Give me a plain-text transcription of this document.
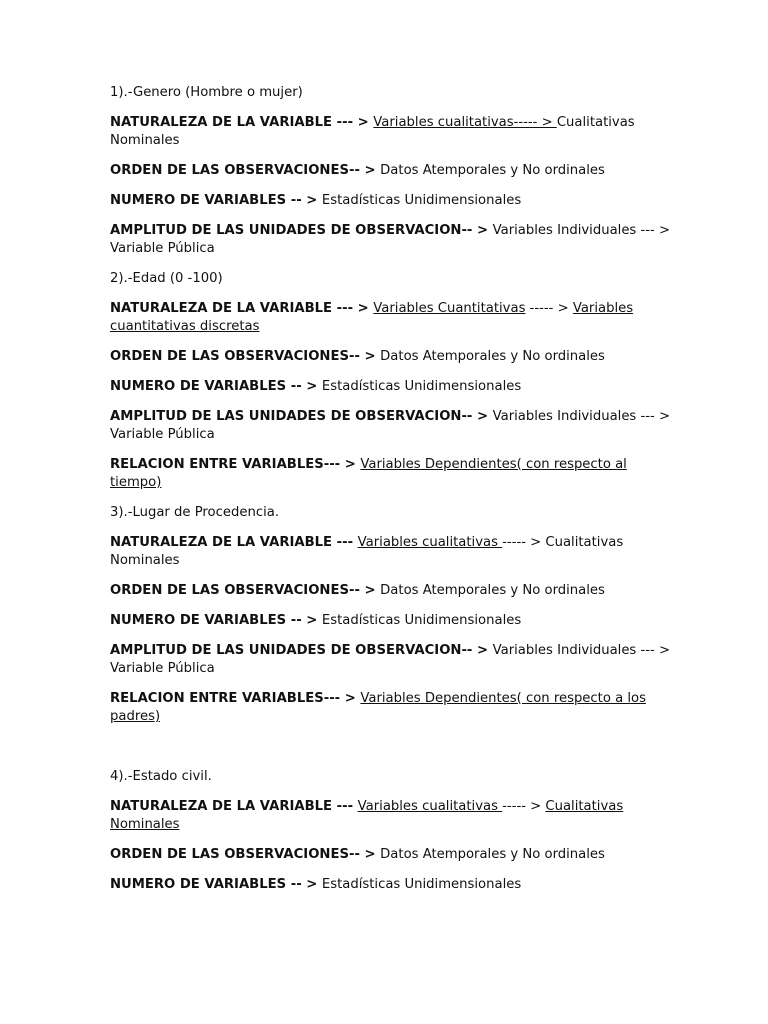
1).-Genero (Hombre o mujer)

NATURALEZA DE LA VARIABLE --- > Variables cualitativas----- > Cualitativas Nominales

ORDEN DE LAS OBSERVACIONES-- > Datos Atemporales y No ordinales

NUMERO DE VARIABLES -- > Estadísticas Unidimensionales

AMPLITUD DE LAS UNIDADES DE OBSERVACION-- > Variables Individuales --- > Variable Pública

2).-Edad (0 -100)

NATURALEZA DE LA VARIABLE --- > Variables Cuantitativas ----- > Variables cuantitativas discretas

ORDEN DE LAS OBSERVACIONES-- > Datos Atemporales y No ordinales

NUMERO DE VARIABLES -- > Estadísticas Unidimensionales

AMPLITUD DE LAS UNIDADES DE OBSERVACION-- > Variables Individuales --- > Variable Pública

RELACION ENTRE VARIABLES--- > Variables Dependientes( con respecto al tiempo)

3).-Lugar de Procedencia.

NATURALEZA DE LA VARIABLE --- Variables cualitativas ----- > Cualitativas Nominales

ORDEN DE LAS OBSERVACIONES-- > Datos Atemporales y No ordinales

NUMERO DE VARIABLES -- > Estadísticas Unidimensionales

AMPLITUD DE LAS UNIDADES DE OBSERVACION-- > Variables Individuales --- > Variable Pública

RELACION ENTRE VARIABLES--- > Variables Dependientes( con respecto a los padres)

4).-Estado civil.

NATURALEZA DE LA VARIABLE --- Variables cualitativas ----- > Cualitativas Nominales

ORDEN DE LAS OBSERVACIONES-- > Datos Atemporales y No ordinales

NUMERO DE VARIABLES -- > Estadísticas Unidimensionales
